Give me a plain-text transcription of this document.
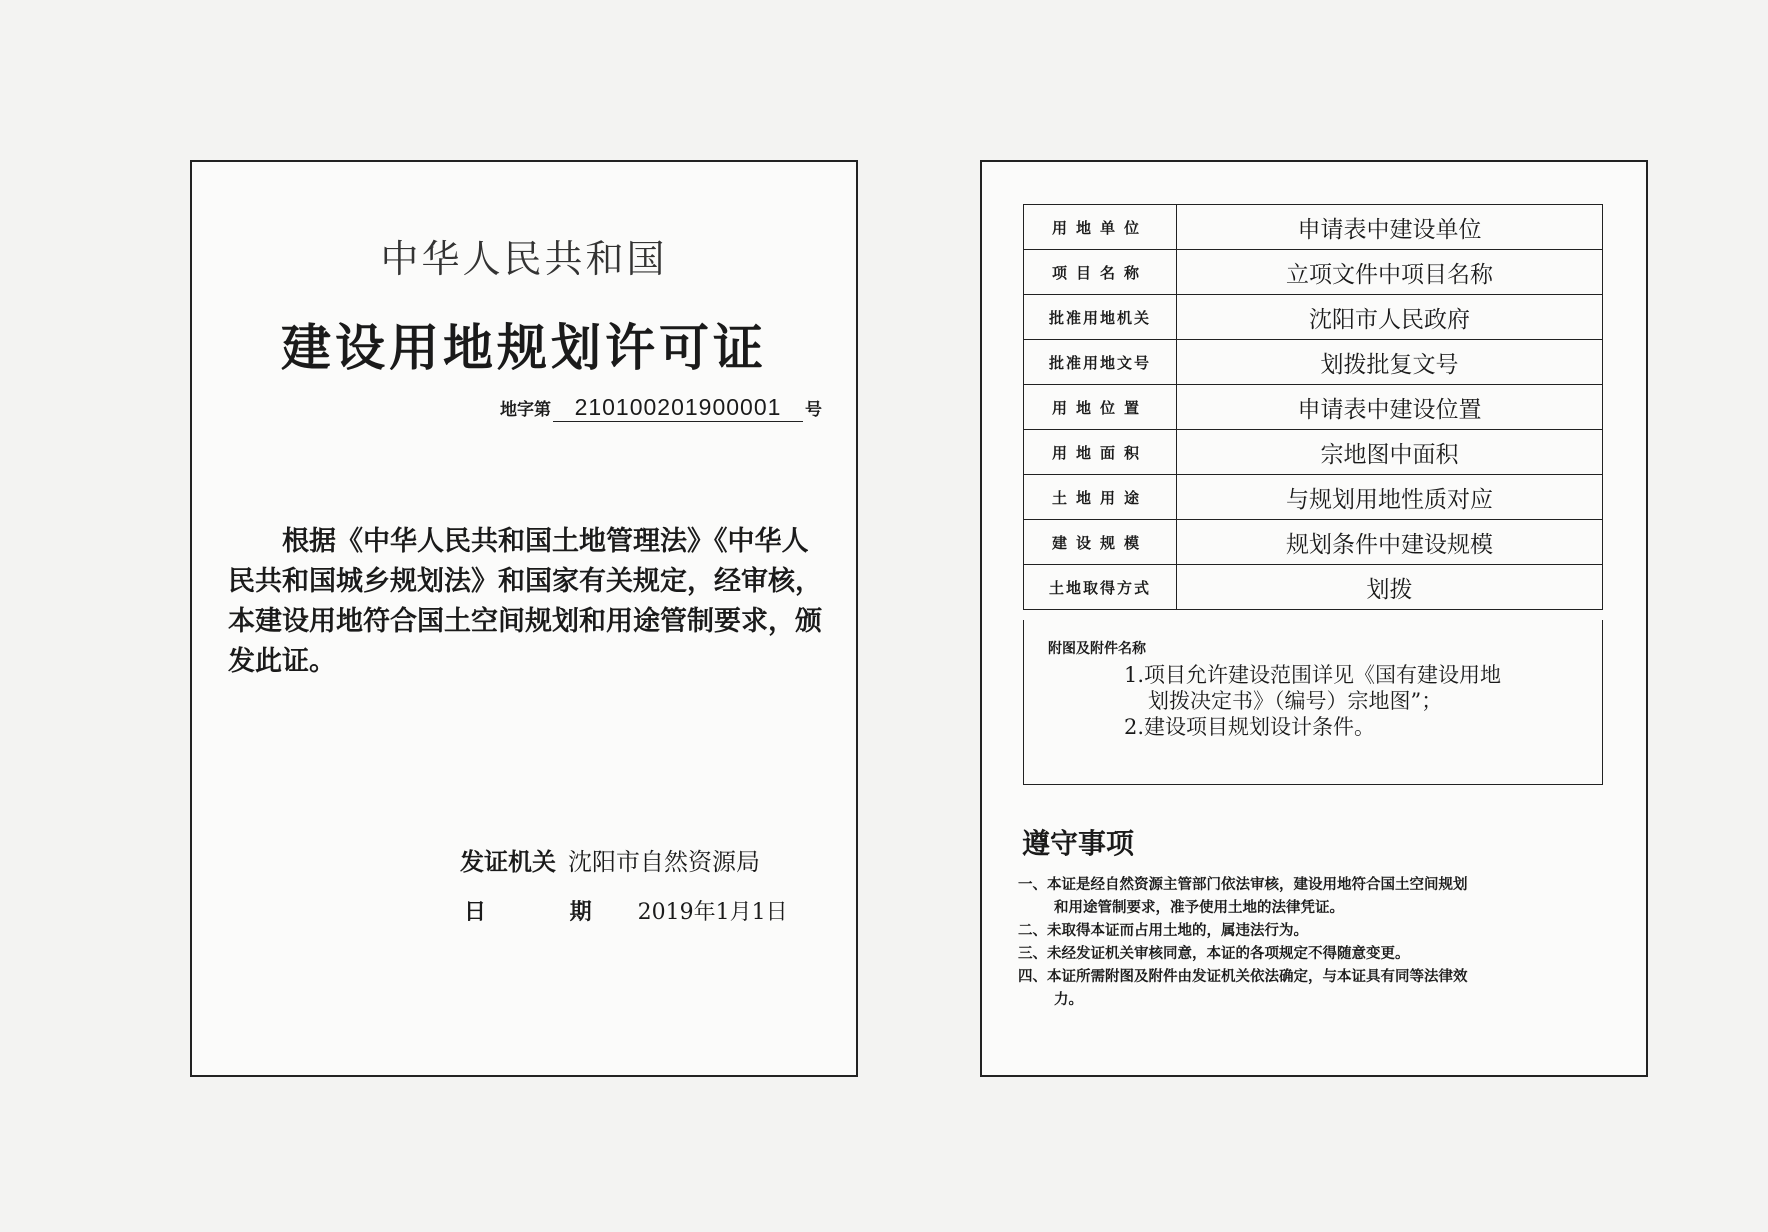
中华人民共和国
建设用地规划许可证
地字第 210100201900001 号
根据《中华人民共和国土地管理法》《中华人民共和国城乡规划法》和国家有关规定，经审核，本建设用地符合国土空间规划和用途管制要求，颁发此证。
发证机关 沈阳市自然资源局
日 期 2019年1月1日
用地单位	申请表中建设单位
项目名称	立项文件中项目名称
批准用地机关	沈阳市人民政府
批准用地文号	划拨批复文号
用地位置	申请表中建设位置
用地面积	宗地图中面积
土地用途	与规划用地性质对应
建设规模	规划条件中建设规模
土地取得方式	划拨
附图及附件名称
1.项目允许建设范围详见《国有建设用地
划拨决定书》（编号）宗地图”；
2.建设项目规划设计条件。
遵守事项
一、本证是经自然资源主管部门依法审核，建设用地符合国土空间规划
和用途管制要求，准予使用土地的法律凭证。
二、未取得本证而占用土地的，属违法行为。
三、未经发证机关审核同意，本证的各项规定不得随意变更。
四、本证所需附图及附件由发证机关依法确定，与本证具有同等法律效
力。
